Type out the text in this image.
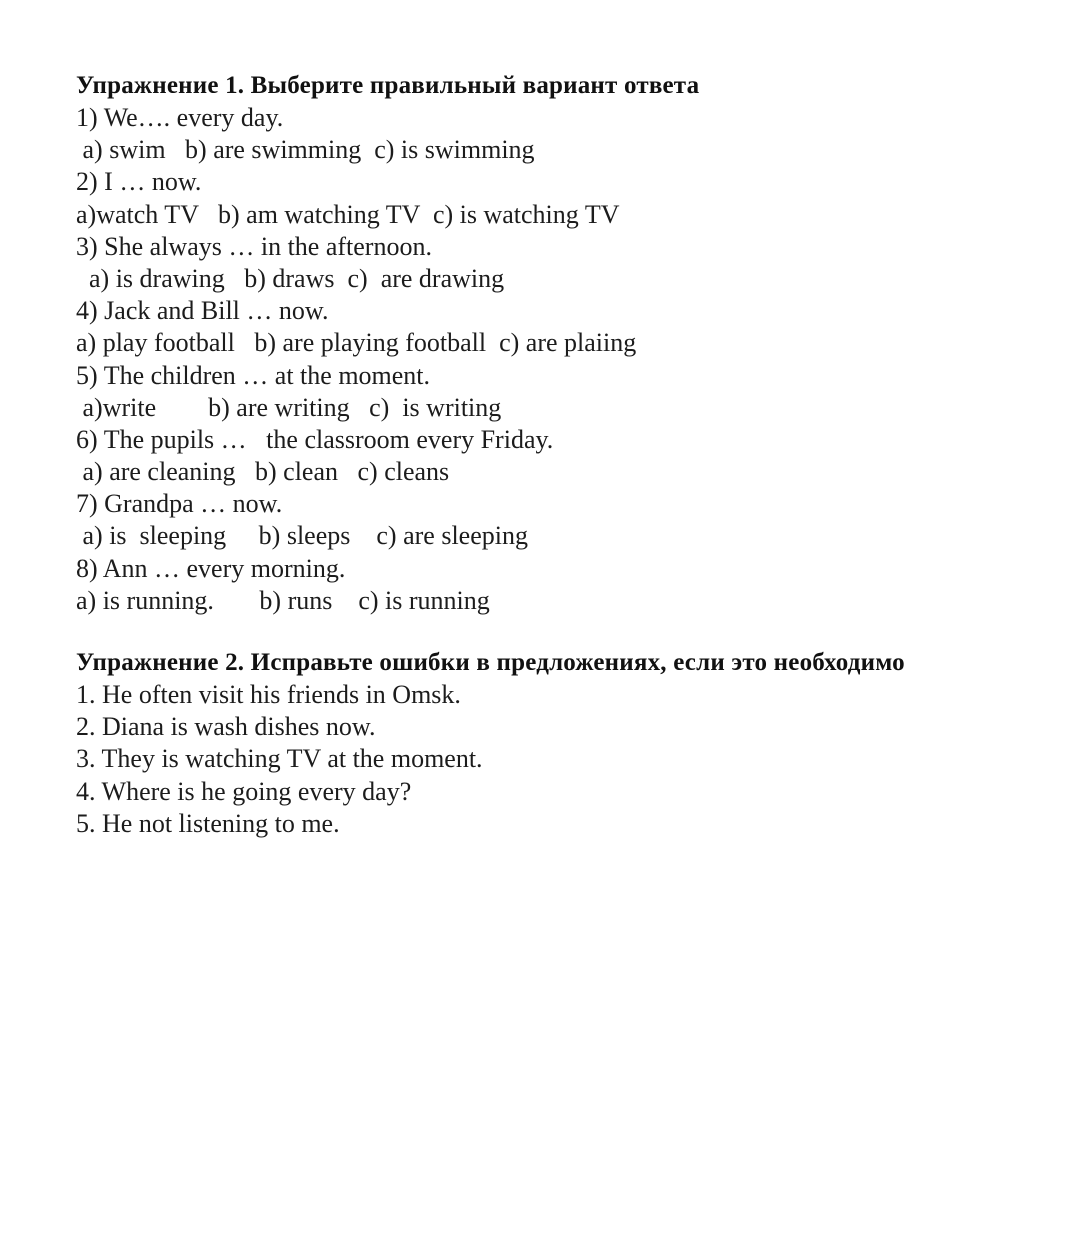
Упражнение 1. Выберите правильный вариант ответа
1) We…. every day.
a) swim   b) are swimming  c) is swimming
2) I … now.
a)watch TV   b) am watching TV  c) is watching TV
3) She always … in the afternoon.
a) is drawing   b) draws  c)  are drawing
4) Jack and Bill … now.
a) play football   b) are playing football  c) are plaiing
5) The children … at the moment.
a)write        b) are writing   c)  is writing
6) The pupils …   the classroom every Friday.
a) are cleaning   b) clean   c) cleans
7) Grandpa … now.
a) is  sleeping     b) sleeps    c) are sleeping
8) Ann … every morning.
a) is running.       b) runs    c) is running
Упражнение 2. Исправьте ошибки в предложениях, если это необходимо
1. He often visit his friends in Omsk.
2. Diana is wash dishes now.
3. They is watching TV at the moment.
4. Where is he going every day?
5. He not listening to me.
